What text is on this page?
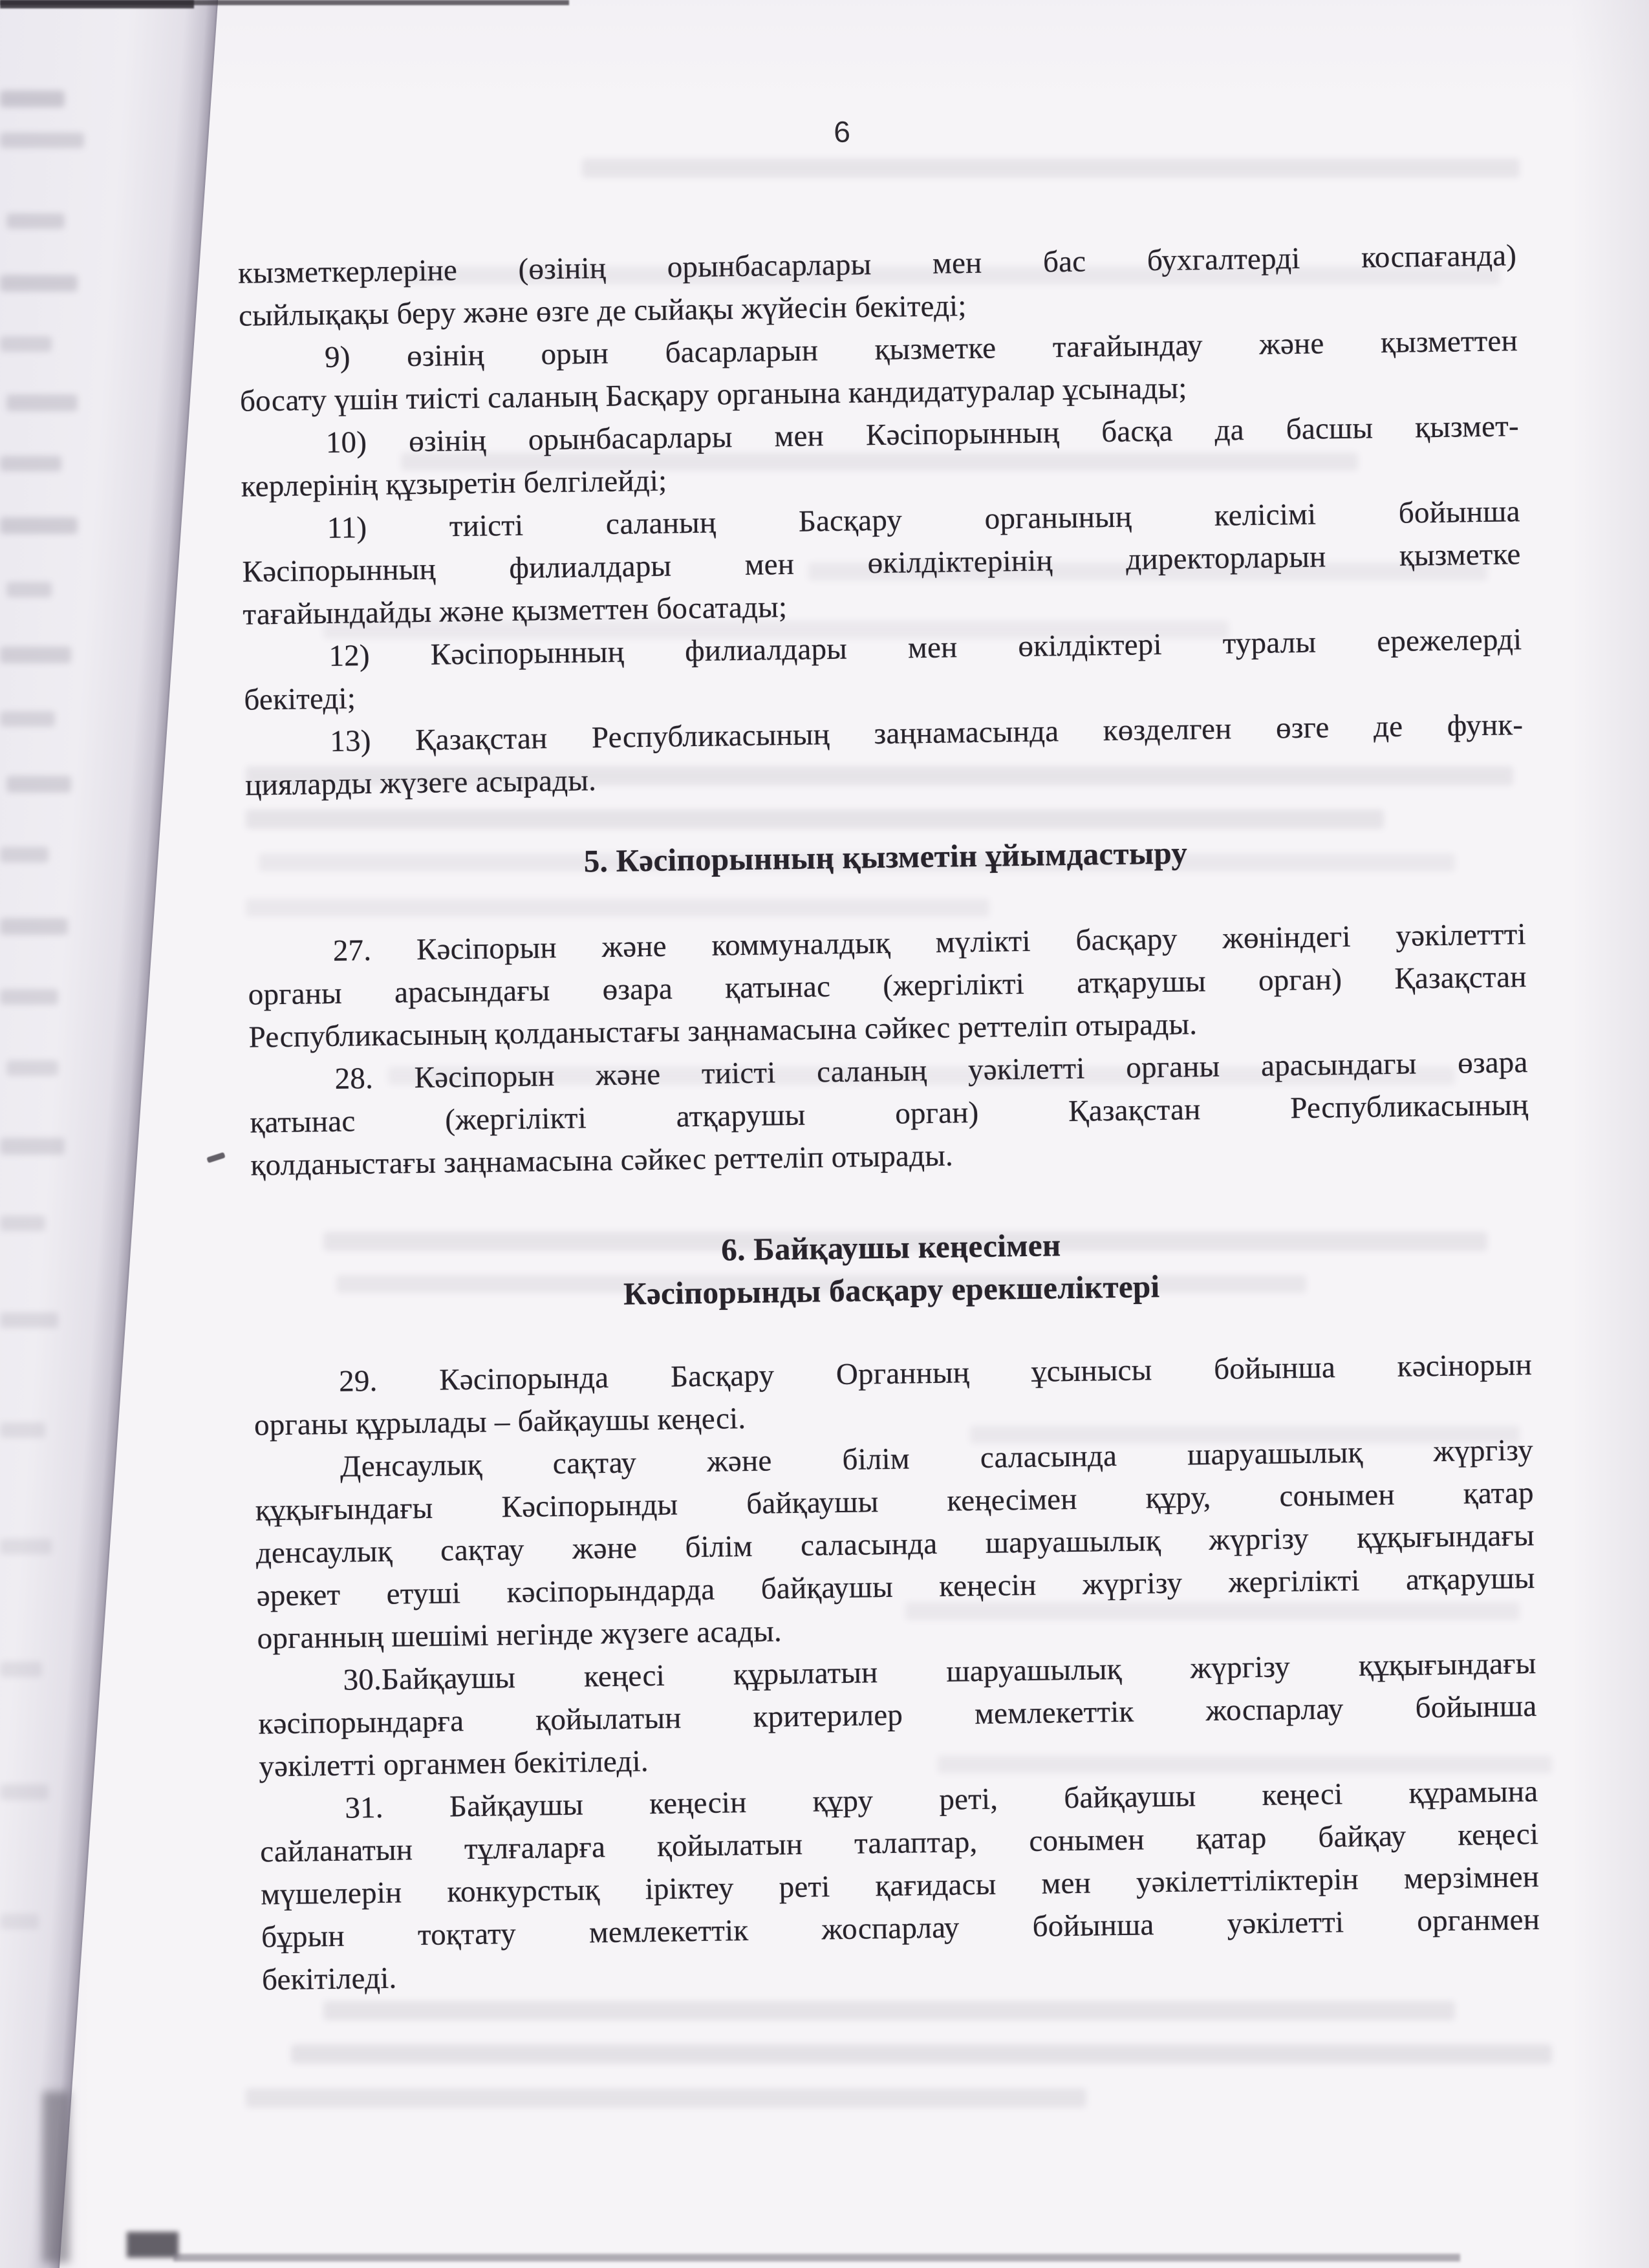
6
кызметкерлеріне (өзінің орынбасарлары мен бас бухгалтерді коспағанда)
сыйлықақы беру және өзге де сыйақы жүйесін бекітеді;
9) өзінің орын басарларын қызметке тағайындау және қызметтен
босату үшін тиісті саланың Басқару органына кандидатуралар ұсынады;
10) өзінің орынбасарлары мен Кәсіпорынның басқа да басшы қызмет-
керлерінің құзыретін белгілейді;
11) тиісті саланың Басқару органының келісімі бойынша
Кәсіпорынның филиалдары мен өкілдіктерінің директорларын қызметке
тағайындайды және қызметтен босатады;
12) Кәсіпорынның филиалдары мен өкілдіктері туралы ережелерді
бекітеді;
13) Қазақстан Республикасының заңнамасында көзделген өзге де функ-
цияларды жүзеге асырады.
5. Кәсіпорынның қызметін ұйымдастыру
27. Кәсіпорын және коммуналдық мүлікті басқару жөніндегі уәкілеттті
органы арасындағы өзара қатынас (жергілікті атқарушы орган) Қазақстан
Республикасының қолданыстағы заңнамасына сәйкес реттеліп отырады.
28. Кәсіпорын және тиісті саланың уәкілетті органы арасындагы өзара
қатынас (жергілікті атқарушы орган) Қазақстан Республикасының
қолданыстағы заңнамасына сәйкес реттеліп отырады.
6. Байқаушы кеңесімен
Кәсіпорынды басқару ерекшеліктері
29. Кәсіпорында Басқару Органның ұсынысы бойынша кәсінорын
органы құрылады – байқаушы кеңесі.
Денсаулық сақтау және білім саласында шаруашылық жүргізу
құқығындағы Кәсіпорынды байқаушы кеңесімен құру, сонымен қатар
денсаулық сақтау және білім саласында шаруашылық жүргізу құқығындағы
әрекет етуші кәсіпорындарда байқаушы кеңесін жүргізу жергілікті атқарушы
органның шешімі негінде жүзеге асады.
30.Байқаушы кеңесі құрылатын шаруашылық жүргізу құқығындағы
кәсіпорындарға қойылатын критерилер мемлекеттік жоспарлау бойынша
уәкілетті органмен бекітіледі.
31. Байқаушы кеңесін құру реті, байқаушы кеңесі құрамына
сайланатын тұлғаларға қойылатын талаптар, сонымен қатар байқау кеңесі
мүшелерін конкурстық іріктеу реті қағидасы мен уәкілеттіліктерін мерзімнен
бұрын тоқтату мемлекеттік жоспарлау бойынша уәкілетті органмен
бекітіледі.
